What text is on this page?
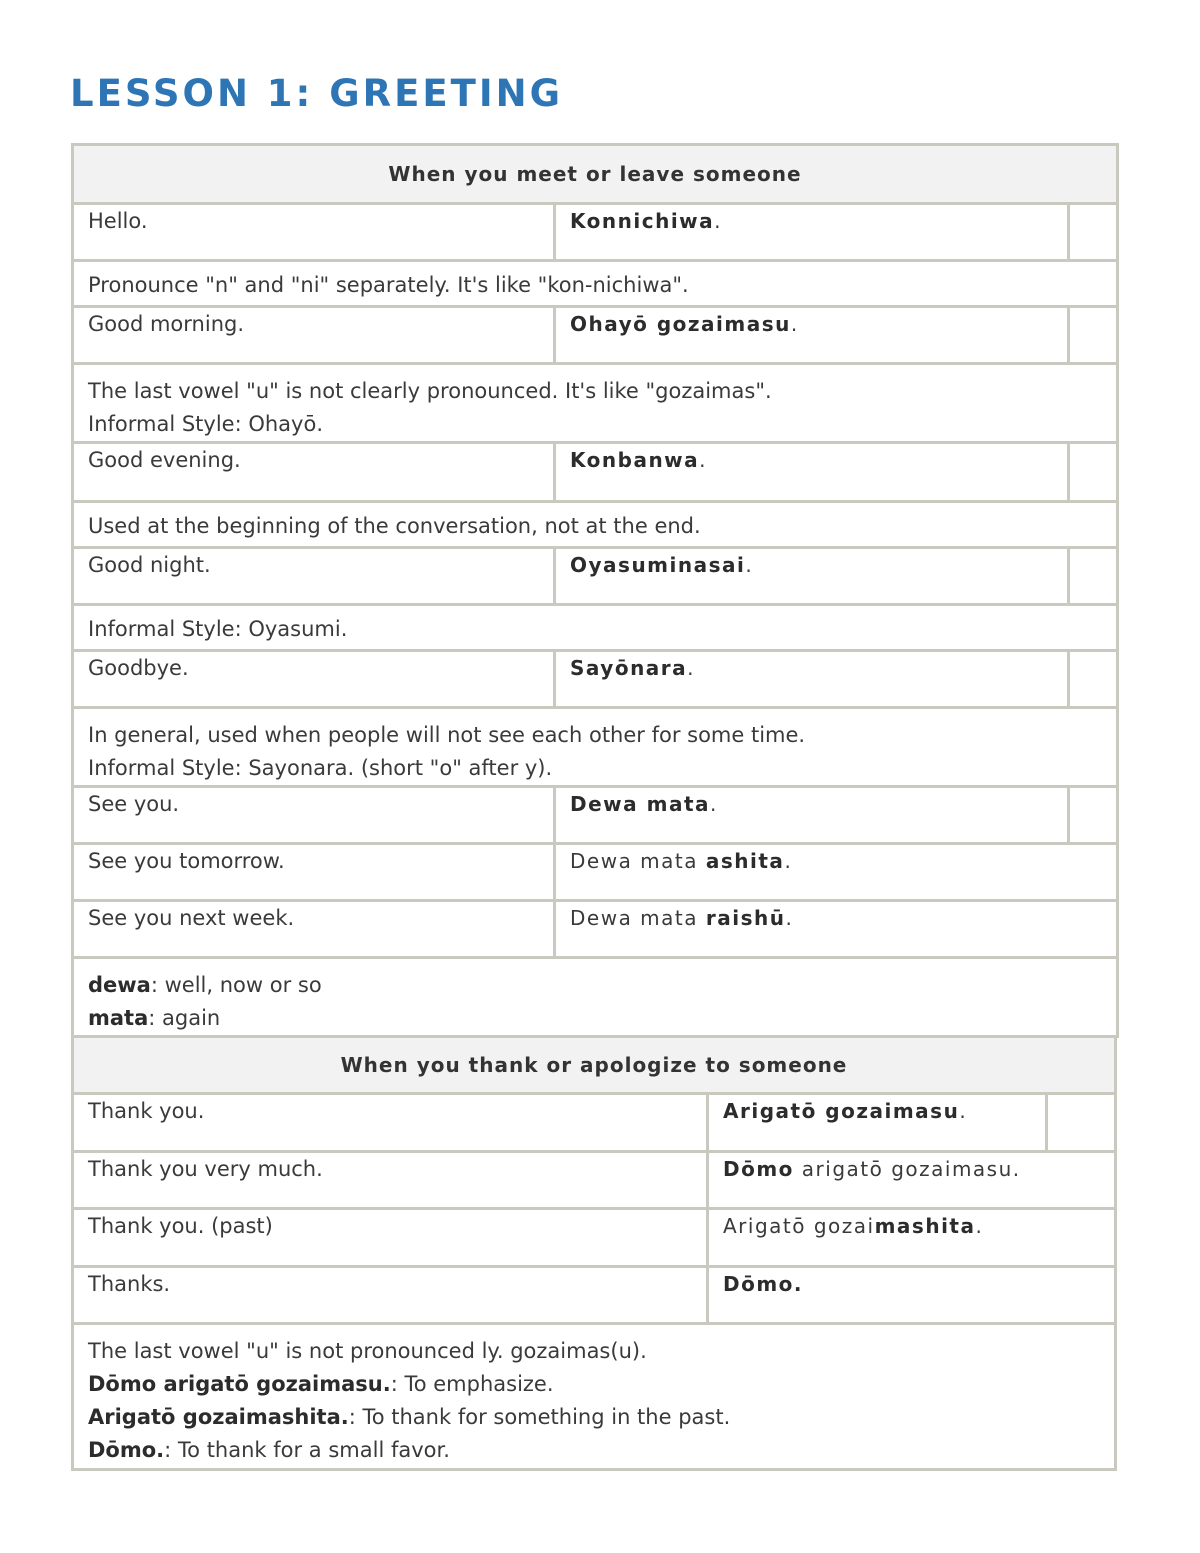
LESSON 1: GREETING
When you meet or leave someone		
Hello.	Konnichiwa.	
Pronounce "n" and "ni" separately. It's like "kon-nichiwa".		
Good morning.	Ohayō gozaimasu.	

The last vowel "u" is not clearly pronounced. It's like "gozaimas".
Informal Style: Ohayō.		

Good evening.	Konbanwa.	
Used at the beginning of the conversation, not at the end.		
Good night.	Oyasuminasai.	
Informal Style: Oyasumi.		
Goodbye.	Sayōnara.	

In general, used when people will not see each other for some time.
Informal Style: Sayonara. (short "o" after y).		

See you.	Dewa mata.	
See you tomorrow.	Dewa mata ashita.	
See you next week.	Dewa mata raishū.	

dewa: well, now or so
mata: again		
When you thank or apologize to someone		
Thank you.	Arigatō gozaimasu.	
Thank you very much.	Dōmo arigatō gozaimasu.	
Thank you. (past)	Arigatō gozaimashita.	
Thanks.	Dōmo.	

The last vowel "u" is not pronounced ly. gozaimas(u).
Dōmo arigatō gozaimasu.: To emphasize.
Arigatō gozaimashita.: To thank for something in the past.
Dōmo.: To thank for a small favor.		
